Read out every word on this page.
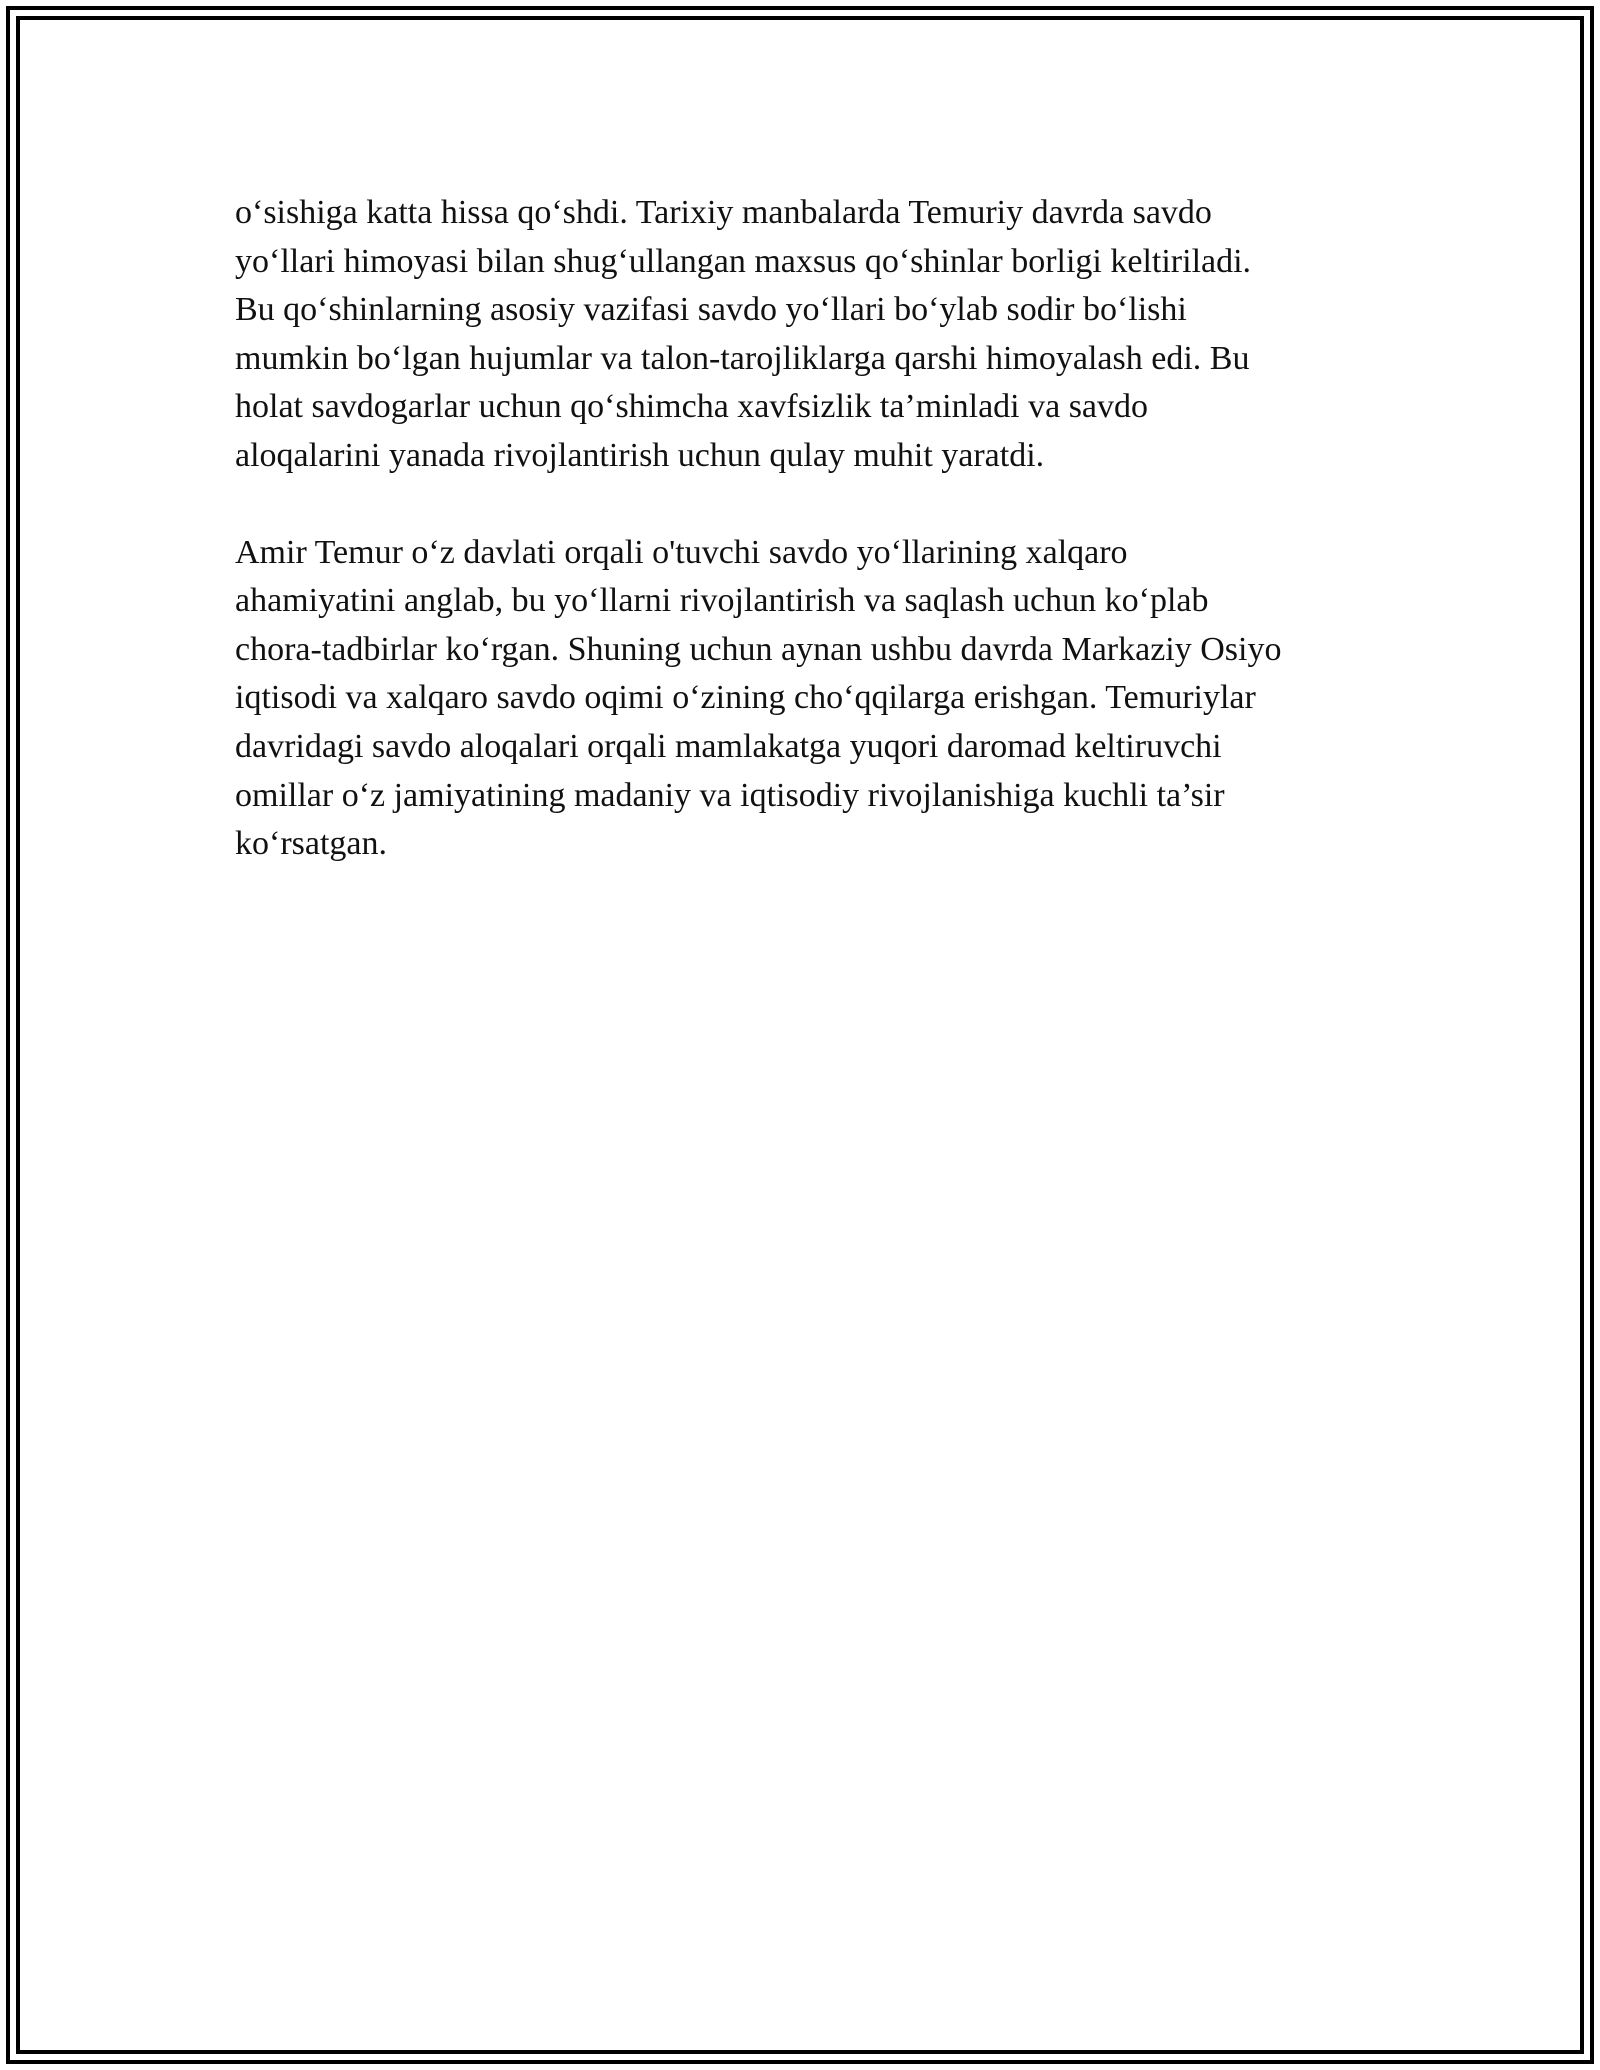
o‘sishiga katta hissa qo‘shdi. Tarixiy manbalarda Temuriy davrda savdo
yo‘llari himoyasi bilan shug‘ullangan maxsus qo‘shinlar borligi keltiriladi.
Bu qo‘shinlarning asosiy vazifasi savdo yo‘llari bo‘ylab sodir bo‘lishi
mumkin bo‘lgan hujumlar va talon-tarojliklarga qarshi himoyalash edi. Bu
holat savdogarlar uchun qo‘shimcha xavfsizlik ta’minladi va savdo
aloqalarini yanada rivojlantirish uchun qulay muhit yaratdi.

Amir Temur o‘z davlati orqali o'tuvchi savdo yo‘llarining xalqaro
ahamiyatini anglab, bu yo‘llarni rivojlantirish va saqlash uchun ko‘plab
chora-tadbirlar ko‘rgan. Shuning uchun aynan ushbu davrda Markaziy Osiyo
iqtisodi va xalqaro savdo oqimi o‘zining cho‘qqilarga erishgan. Temuriylar
davridagi savdo aloqalari orqali mamlakatga yuqori daromad keltiruvchi
omillar o‘z jamiyatining madaniy va iqtisodiy rivojlanishiga kuchli ta’sir
ko‘rsatgan.
